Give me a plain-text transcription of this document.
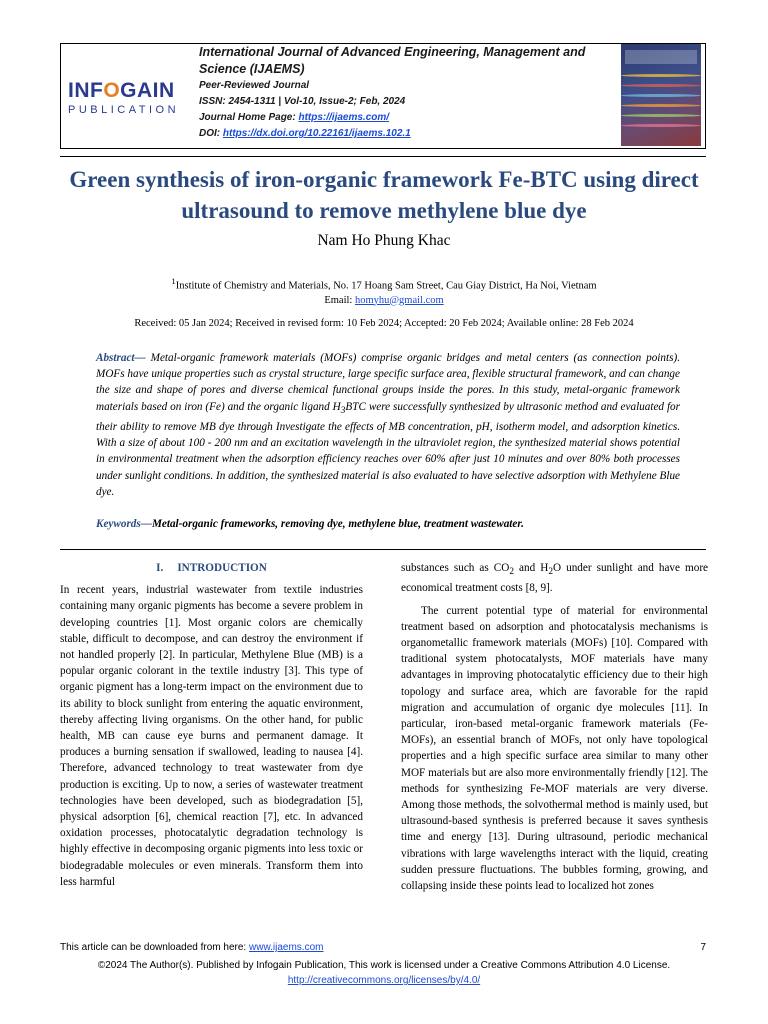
INFOGAIN
PUBLICATION
International Journal of Advanced Engineering, Management and Science (IJAEMS)
Peer-Reviewed Journal
ISSN: 2454-1311 | Vol-10, Issue-2; Feb, 2024
Journal Home Page: https://ijaems.com/
DOI: https://dx.doi.org/10.22161/ijaems.102.1
Green synthesis of iron-organic framework Fe-BTC using direct ultrasound to remove methylene blue dye
Nam Ho Phung Khac
$^1$Institute of Chemistry and Materials, No. 17 Hoang Sam Street, Cau Giay District, Ha Noi, Vietnam
Email: homyhu@gmail.com
Received: 05 Jan 2024; Received in revised form: 10 Feb 2024; Accepted: 20 Feb 2024; Available online: 28 Feb 2024

Abstract— Metal-organic framework materials (MOFs) comprise organic bridges and metal centers (as connection points). MOFs have unique properties such as crystal structure, large specific surface area, flexible structural framework, and can change the size and shape of pores and diverse chemical functional groups inside the pores. In this study, metal-organic framework materials based on iron (Fe) and the organic ligand $H_3BTC$ were successfully synthesized by ultrasonic method and evaluated for their ability to remove MB dye through Investigate the effects of MB concentration, pH, isotherm model, and adsorption kinetics. With a size of about 100 - 200 nm and an excitation wavelength in the ultraviolet region, the synthesized material shows potential in environmental treatment when the adsorption efficiency reaches over 60% after just 10 minutes and over 80% both processes under sunlight conditions. In addition, the synthesized material is also evaluated to have selective adsorption with Methylene Blue dye.

Keywords—Metal-organic frameworks, removing dye, methylene blue, treatment wastewater.

I. INTRODUCTION

In recent years, industrial wastewater from textile industries containing many organic pigments has become a severe problem in developing countries [1]. Most organic colors are chemically stable, difficult to decompose, and can destroy the environment if not handled properly [2]. In particular, Methylene Blue (MB) is a popular organic colorant in the textile industry [3]. This type of organic pigment has a long-term impact on the environment due to its ability to block sunlight from entering the aquatic environment, thereby affecting living organisms. On the other hand, for public health, MB can cause eye burns and permanent damage. It produces a burning sensation if swallowed, leading to nausea [4]. Therefore, advanced technology to treat wastewater from dye production is exciting. Up to now, a series of wastewater treatment technologies have been developed, such as biodegradation [5], physical adsorption [6], chemical reaction [7], etc. In advanced oxidation processes, photocatalytic degradation technology is highly effective in decomposing organic pigments into less toxic or biodegradable molecules or even minerals. Transform them into less harmful

substances such as $CO_2$ and $H_2O$ under sunlight and have more economical treatment costs [8, 9].

The current potential type of material for environmental treatment based on adsorption and photocatalysis mechanisms is organometallic framework materials (MOFs) [10]. Compared with traditional system photocatalysts, MOF materials have many advantages in improving photocatalytic efficiency due to their high topology and surface area, which are favorable for the rapid migration and accumulation of organic dye molecules [11]. In particular, iron-based metal-organic framework materials (Fe-MOFs), an essential branch of MOFs, not only have topological properties and a high specific surface area similar to many other MOF materials but are also more environmentally friendly [12]. The methods for synthesizing Fe-MOF materials are very diverse. Among those methods, the solvothermal method is mainly used, but ultrasound-based synthesis is preferred because it saves synthesis time and energy [13]. During ultrasound, periodic mechanical vibrations with large wavelengths interact with the liquid, creating sudden pressure fluctuations. The bubbles forming, growing, and collapsing inside these points lead to localized hot zones

This article can be downloaded from here: www.ijaems.com	7
©2024 The Author(s). Published by Infogain Publication, This work is licensed under a Creative Commons Attribution 4.0 License.
http://creativecommons.org/licenses/by/4.0/
